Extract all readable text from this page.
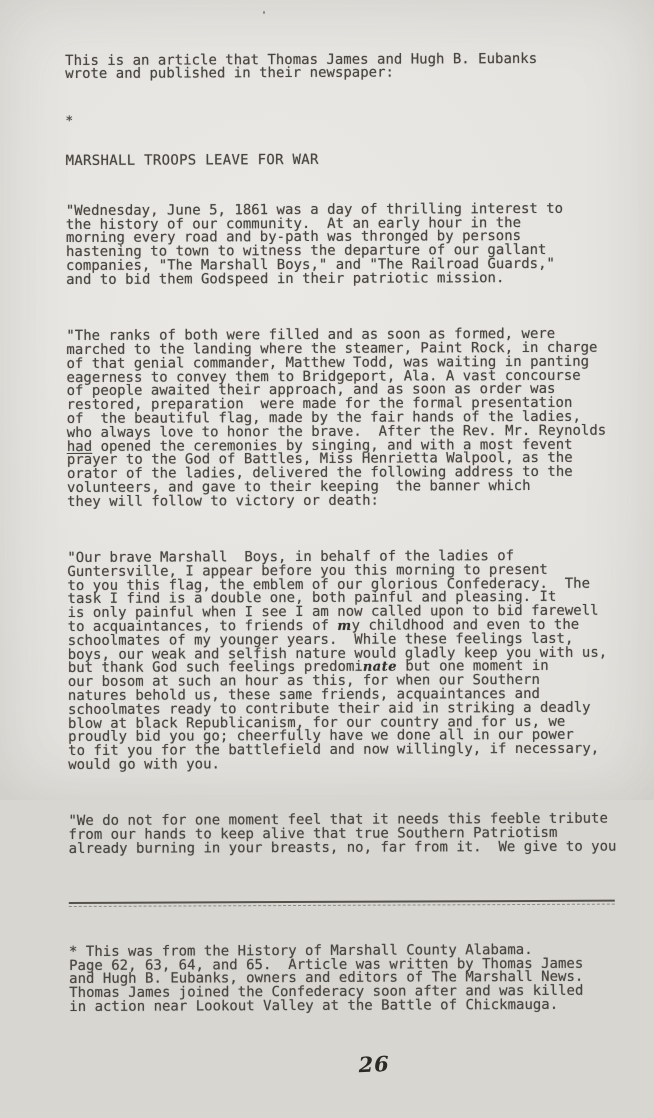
This is an article that Thomas James and Hugh B. Eubanks
wrote and published in their newspaper:

*

MARSHALL TROOPS LEAVE FOR WAR

"Wednesday, June 5, 1861 was a day of thrilling interest to
the history of our community.  At an early hour in the
morning every road and by-path was thronged by persons
hastening to town to witness the departure of our gallant
companies, "The Marshall Boys," and "The Railroad Guards,"
and to bid them Godspeed in their patriotic mission.

"The ranks of both were filled and as soon as formed, were
marched to the landing where the steamer, Paint Rock, in charge
of that genial commander, Matthew Todd, was waiting in panting
eagerness to convey them to Bridgeport, Ala. A vast concourse
of people awaited their approach, and as soon as order was
restored, preparation  were made for the formal presentation
of  the beautiful flag, made by the fair hands of the ladies,
who always love to honor the brave.  After the Rev. Mr. Reynolds
had opened the ceremonies by singing, and with a most fevent
prayer to the God of Battles, Miss Henrietta Walpool, as the
orator of the ladies, delivered the following address to the
volunteers, and gave to their keeping  the banner which
they will follow to victory or death:

"Our brave Marshall  Boys, in behalf of the ladies of
Guntersville, I appear before you this morning to present
to you this flag, the emblem of our glorious Confederacy.  The
task I find is a double one, both painful and pleasing. It
is only painful when I see I am now called upon to bid farewell
to acquaintances, to friends of my childhood and even to the
schoolmates of my younger years.  While these feelings last,
boys, our weak and selfish nature would gladly keep you with us,
but thank God such feelings predominate but one moment in
our bosom at such an hour as this, for when our Southern
natures behold us, these same friends, acquaintances and
schoolmates ready to contribute their aid in striking a deadly
blow at black Republicanism, for our country and for us, we
proudly bid you go; cheerfully have we done all in our power
to fit you for the battlefield and now willingly, if necessary,
would go with you.

"We do not for one moment feel that it needs this feeble tribute
from our hands to keep alive that true Southern Patriotism
already burning in your breasts, no, far from it.  We give to you

* This was from the History of Marshall County Alabama.
Page 62, 63, 64, and 65.  Article was written by Thomas James
and Hugh B. Eubanks, owners and editors of The Marshall News.
Thomas James joined the Confederacy soon after and was killed
in action near Lookout Valley at the Battle of Chickmauga.

26
